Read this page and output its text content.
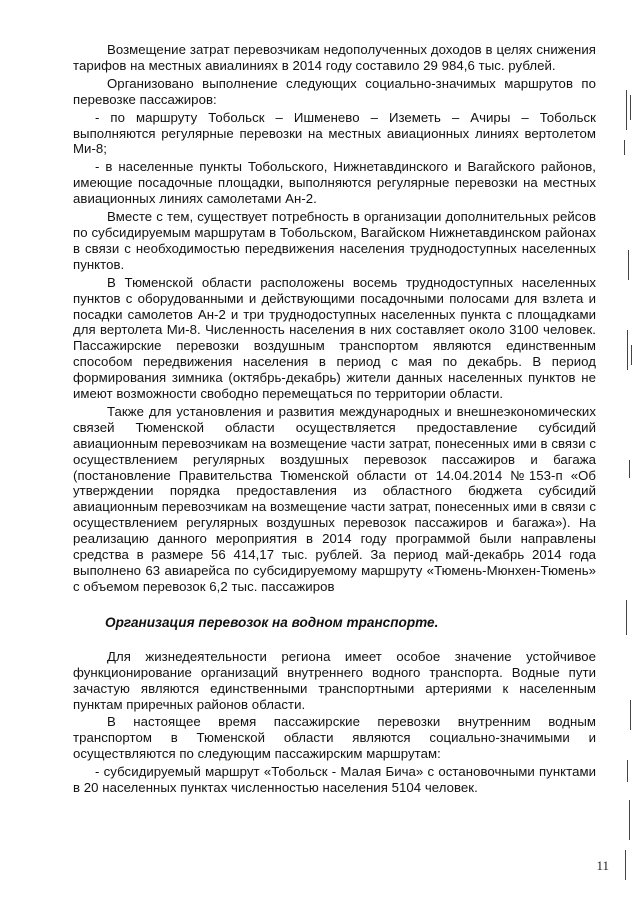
Возмещение затрат перевозчикам недополученных доходов в целях снижения тарифов на местных авиалиниях в 2014 году составило 29 984,6 тыс. рублей.

Организовано выполнение следующих социально-значимых маршрутов по перевозке пассажиров:

- по маршруту Тобольск – Ишменево – Иземеть – Ачиры – Тобольск выполняются регулярные перевозки на местных авиационных линиях вертолетом Ми-8;

- в населенные пункты Тобольского, Нижнетавдинского и Вагайского районов, имеющие посадочные площадки, выполняются регулярные перевозки на местных авиационных линиях самолетами Ан-2.

Вместе с тем, существует потребность в организации дополнительных рейсов по субсидируемым маршрутам в Тобольском, Вагайском Нижнетавдинском районах в связи с необходимостью передвижения населения труднодоступных населенных пунктов.

В Тюменской области расположены восемь труднодоступных населенных пунктов с оборудованными и действующими посадочными полосами для взлета и посадки самолетов Ан-2 и три труднодоступных населенных пункта с площадками для вертолета Ми-8. Численность населения в них составляет около 3100 человек. Пассажирские перевозки воздушным транспортом являются единственным способом передвижения населения в период с мая по декабрь. В период формирования зимника (октябрь-декабрь) жители данных населенных пунктов не имеют возможности свободно перемещаться по территории области.

Также для установления и развития международных и внешнеэкономических связей Тюменской области осуществляется предоставление субсидий авиационным перевозчикам на возмещение части затрат, понесенных ими в связи с осуществлением регулярных воздушных перевозок пассажиров и багажа (постановление Правительства Тюменской области от 14.04.2014 №153-п «Об утверждении порядка предоставления из областного бюджета субсидий авиационным перевозчикам на возмещение части затрат, понесенных ими в связи с осуществлением регулярных воздушных перевозок пассажиров и багажа»). На реализацию данного мероприятия в 2014 году программой были направлены средства в размере 56 414,17 тыс. рублей. За период май-декабрь 2014 года выполнено 63 авиарейса по субсидируемому маршруту «Тюмень-Мюнхен-Тюмень» с объемом перевозок 6,2 тыс. пассажиров

Организация перевозок на водном транспорте.

Для жизнедеятельности региона имеет особое значение устойчивое функционирование организаций внутреннего водного транспорта. Водные пути зачастую являются единственными транспортными артериями к населенным пунктам приречных районов области.

В настоящее время пассажирские перевозки внутренним водным транспортом в Тюменской области являются социально-значимыми и осуществляются по следующим пассажирским маршрутам:

- субсидируемый маршрут «Тобольск - Малая Бича» с остановочными пунктами в 20 населенных пунктах численностью населения 5104 человек.

11
